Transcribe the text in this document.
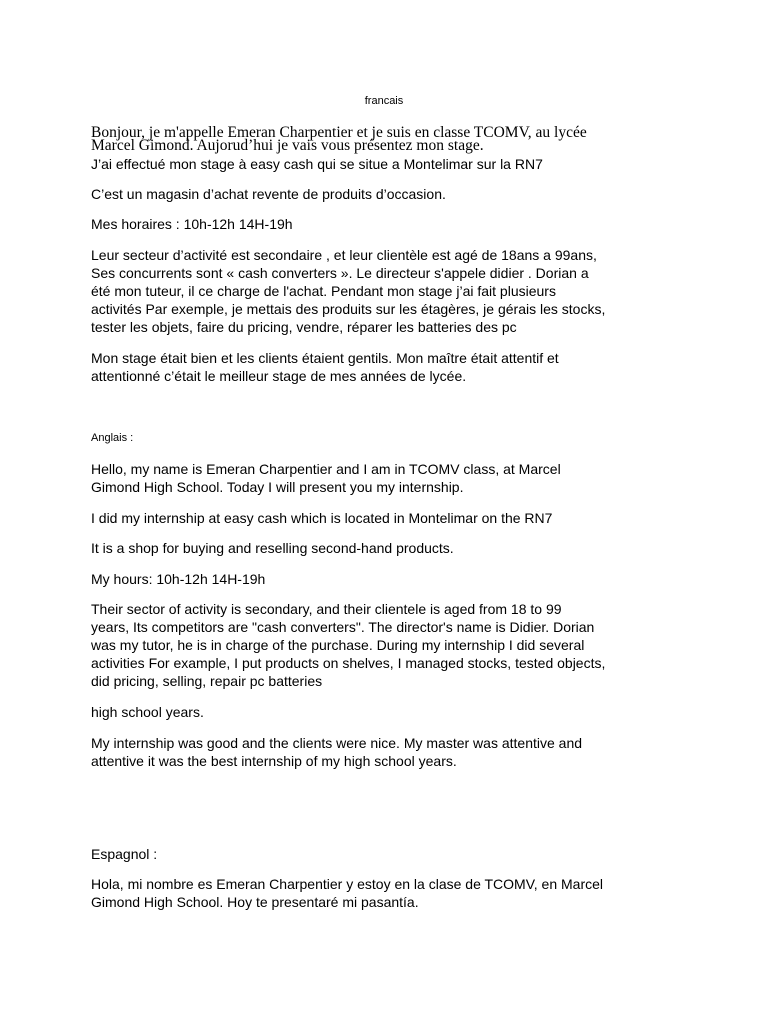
francais

Bonjour, je m'appelle Emeran Charpentier et je suis en classe TCOMV, au lycée

Marcel Gimond. Aujorud’hui je vais vous présentez mon stage.

J’ai effectué mon stage à easy cash qui se situe a Montelimar sur la RN7

C’est un magasin d’achat revente de produits d’occasion.

Mes horaires : 10h-12h 14H-19h

Leur secteur d’activité est secondaire , et leur clientèle est agé de 18ans a 99ans,

Ses concurrents sont « cash converters ». Le directeur s'appele didier . Dorian a

été mon tuteur, il ce charge de l'achat. Pendant mon stage j’ai fait plusieurs

activités Par exemple, je mettais des produits sur les étagères, je gérais les stocks,

tester les objets, faire du pricing, vendre, réparer les batteries des pc

Mon stage était bien et les clients étaient gentils. Mon maître était attentif et

attentionné c’était le meilleur stage de mes années de lycée.

Anglais :

Hello, my name is Emeran Charpentier and I am in TCOMV class, at Marcel

Gimond High School. Today I will present you my internship.

I did my internship at easy cash which is located in Montelimar on the RN7

It is a shop for buying and reselling second-hand products.

My hours: 10h-12h 14H-19h

Their sector of activity is secondary, and their clientele is aged from 18 to 99

years, Its competitors are "cash converters". The director's name is Didier. Dorian

was my tutor, he is in charge of the purchase. During my internship I did several

activities For example, I put products on shelves, I managed stocks, tested objects,

did pricing, selling, repair pc batteries

high school years.

My internship was good and the clients were nice. My master was attentive and

attentive it was the best internship of my high school years.

Espagnol :

Hola, mi nombre es Emeran Charpentier y estoy en la clase de TCOMV, en Marcel

Gimond High School. Hoy te presentaré mi pasantía.
